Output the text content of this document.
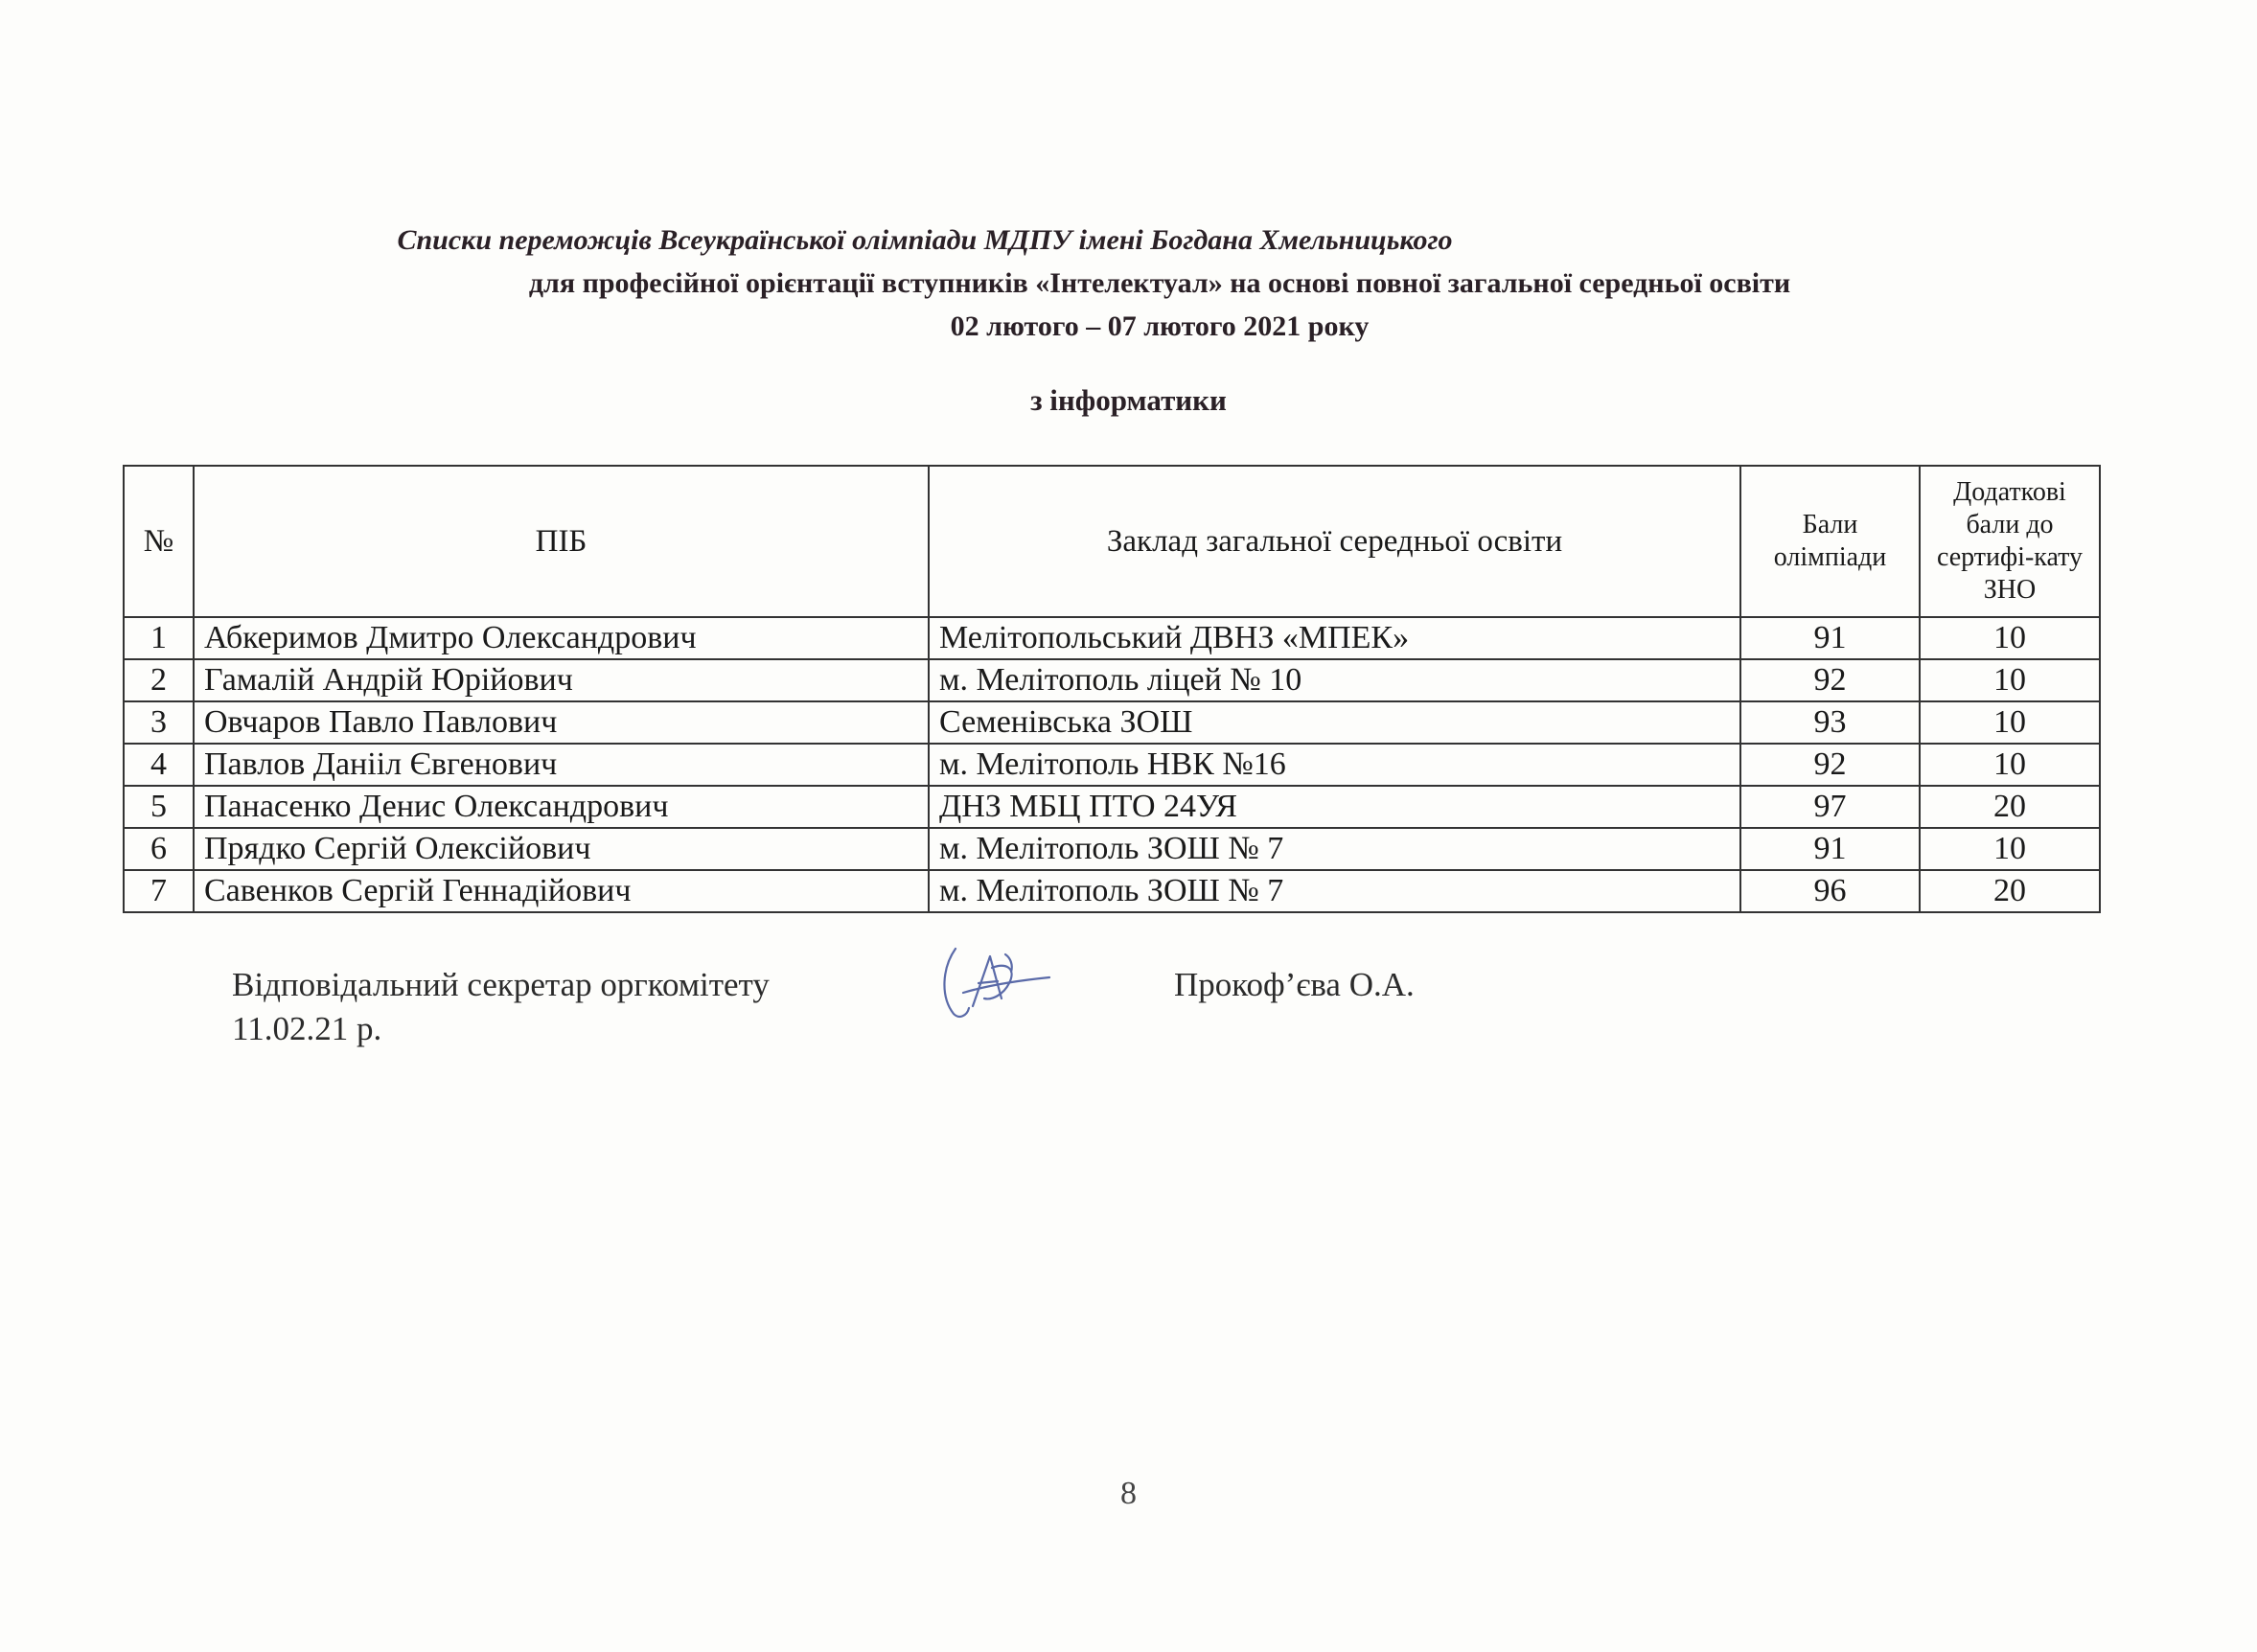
Списки переможців Всеукраїнської олімпіади МДПУ імені Богдана Хмельницького
для професійної орієнтації вступників «Інтелектуал» на основі повної загальної середньої освіти
02 лютого – 07 лютого 2021 року
з інформатики
№	ПІБ	Заклад загальної середньої освіти	Бали олімпіади	Додаткові бали до сертифі-кату ЗНО
1	Абкеримов Дмитро Олександрович	Мелітопольський ДВНЗ «МПЕК»	91	10
2	Гамалій Андрій Юрійович	м. Мелітополь ліцей № 10	92	10
3	Овчаров Павло Павлович	Семенівська ЗОШ	93	10
4	Павлов Данііл Євгенович	м. Мелітополь НВК №16	92	10
5	Панасенко Денис Олександрович	ДНЗ МБЦ ПТО 24УЯ	97	20
6	Прядко Сергій Олексійович	м. Мелітополь ЗОШ № 7	91	10
7	Савенков Сергій Геннадійович	м. Мелітополь ЗОШ № 7	96	20
Відповідальний секретар оргкомітету
11.02.21 р.
Прокоф’єва О.А.
8
